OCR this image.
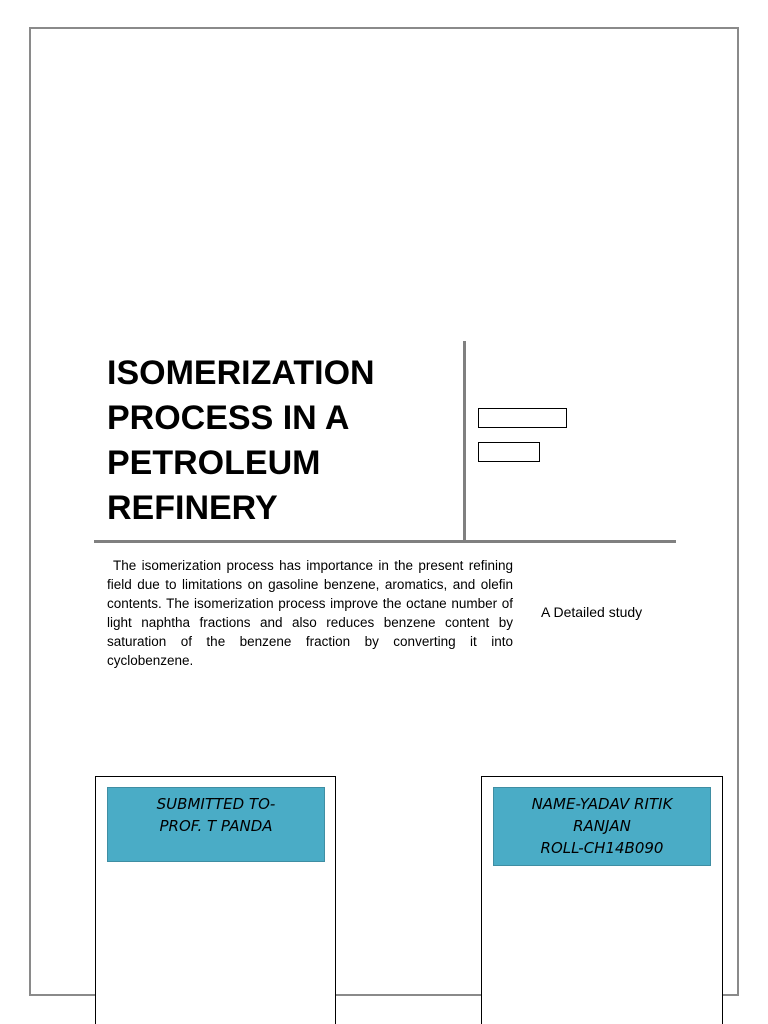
ISOMERIZATION
PROCESS IN A
PETROLEUM
REFINERY

The isomerization process has importance in the present refining field due to limitations on gasoline benzene, aromatics, and olefin contents. The isomerization process improve the octane number of light naphtha fractions and also reduces benzene content by saturation of the benzene fraction by converting it into cyclobenzene.

A Detailed study

SUBMITTED TO-
PROF. T PANDA
NAME-YADAV RITIK
RANJAN
ROLL-CH14B090
